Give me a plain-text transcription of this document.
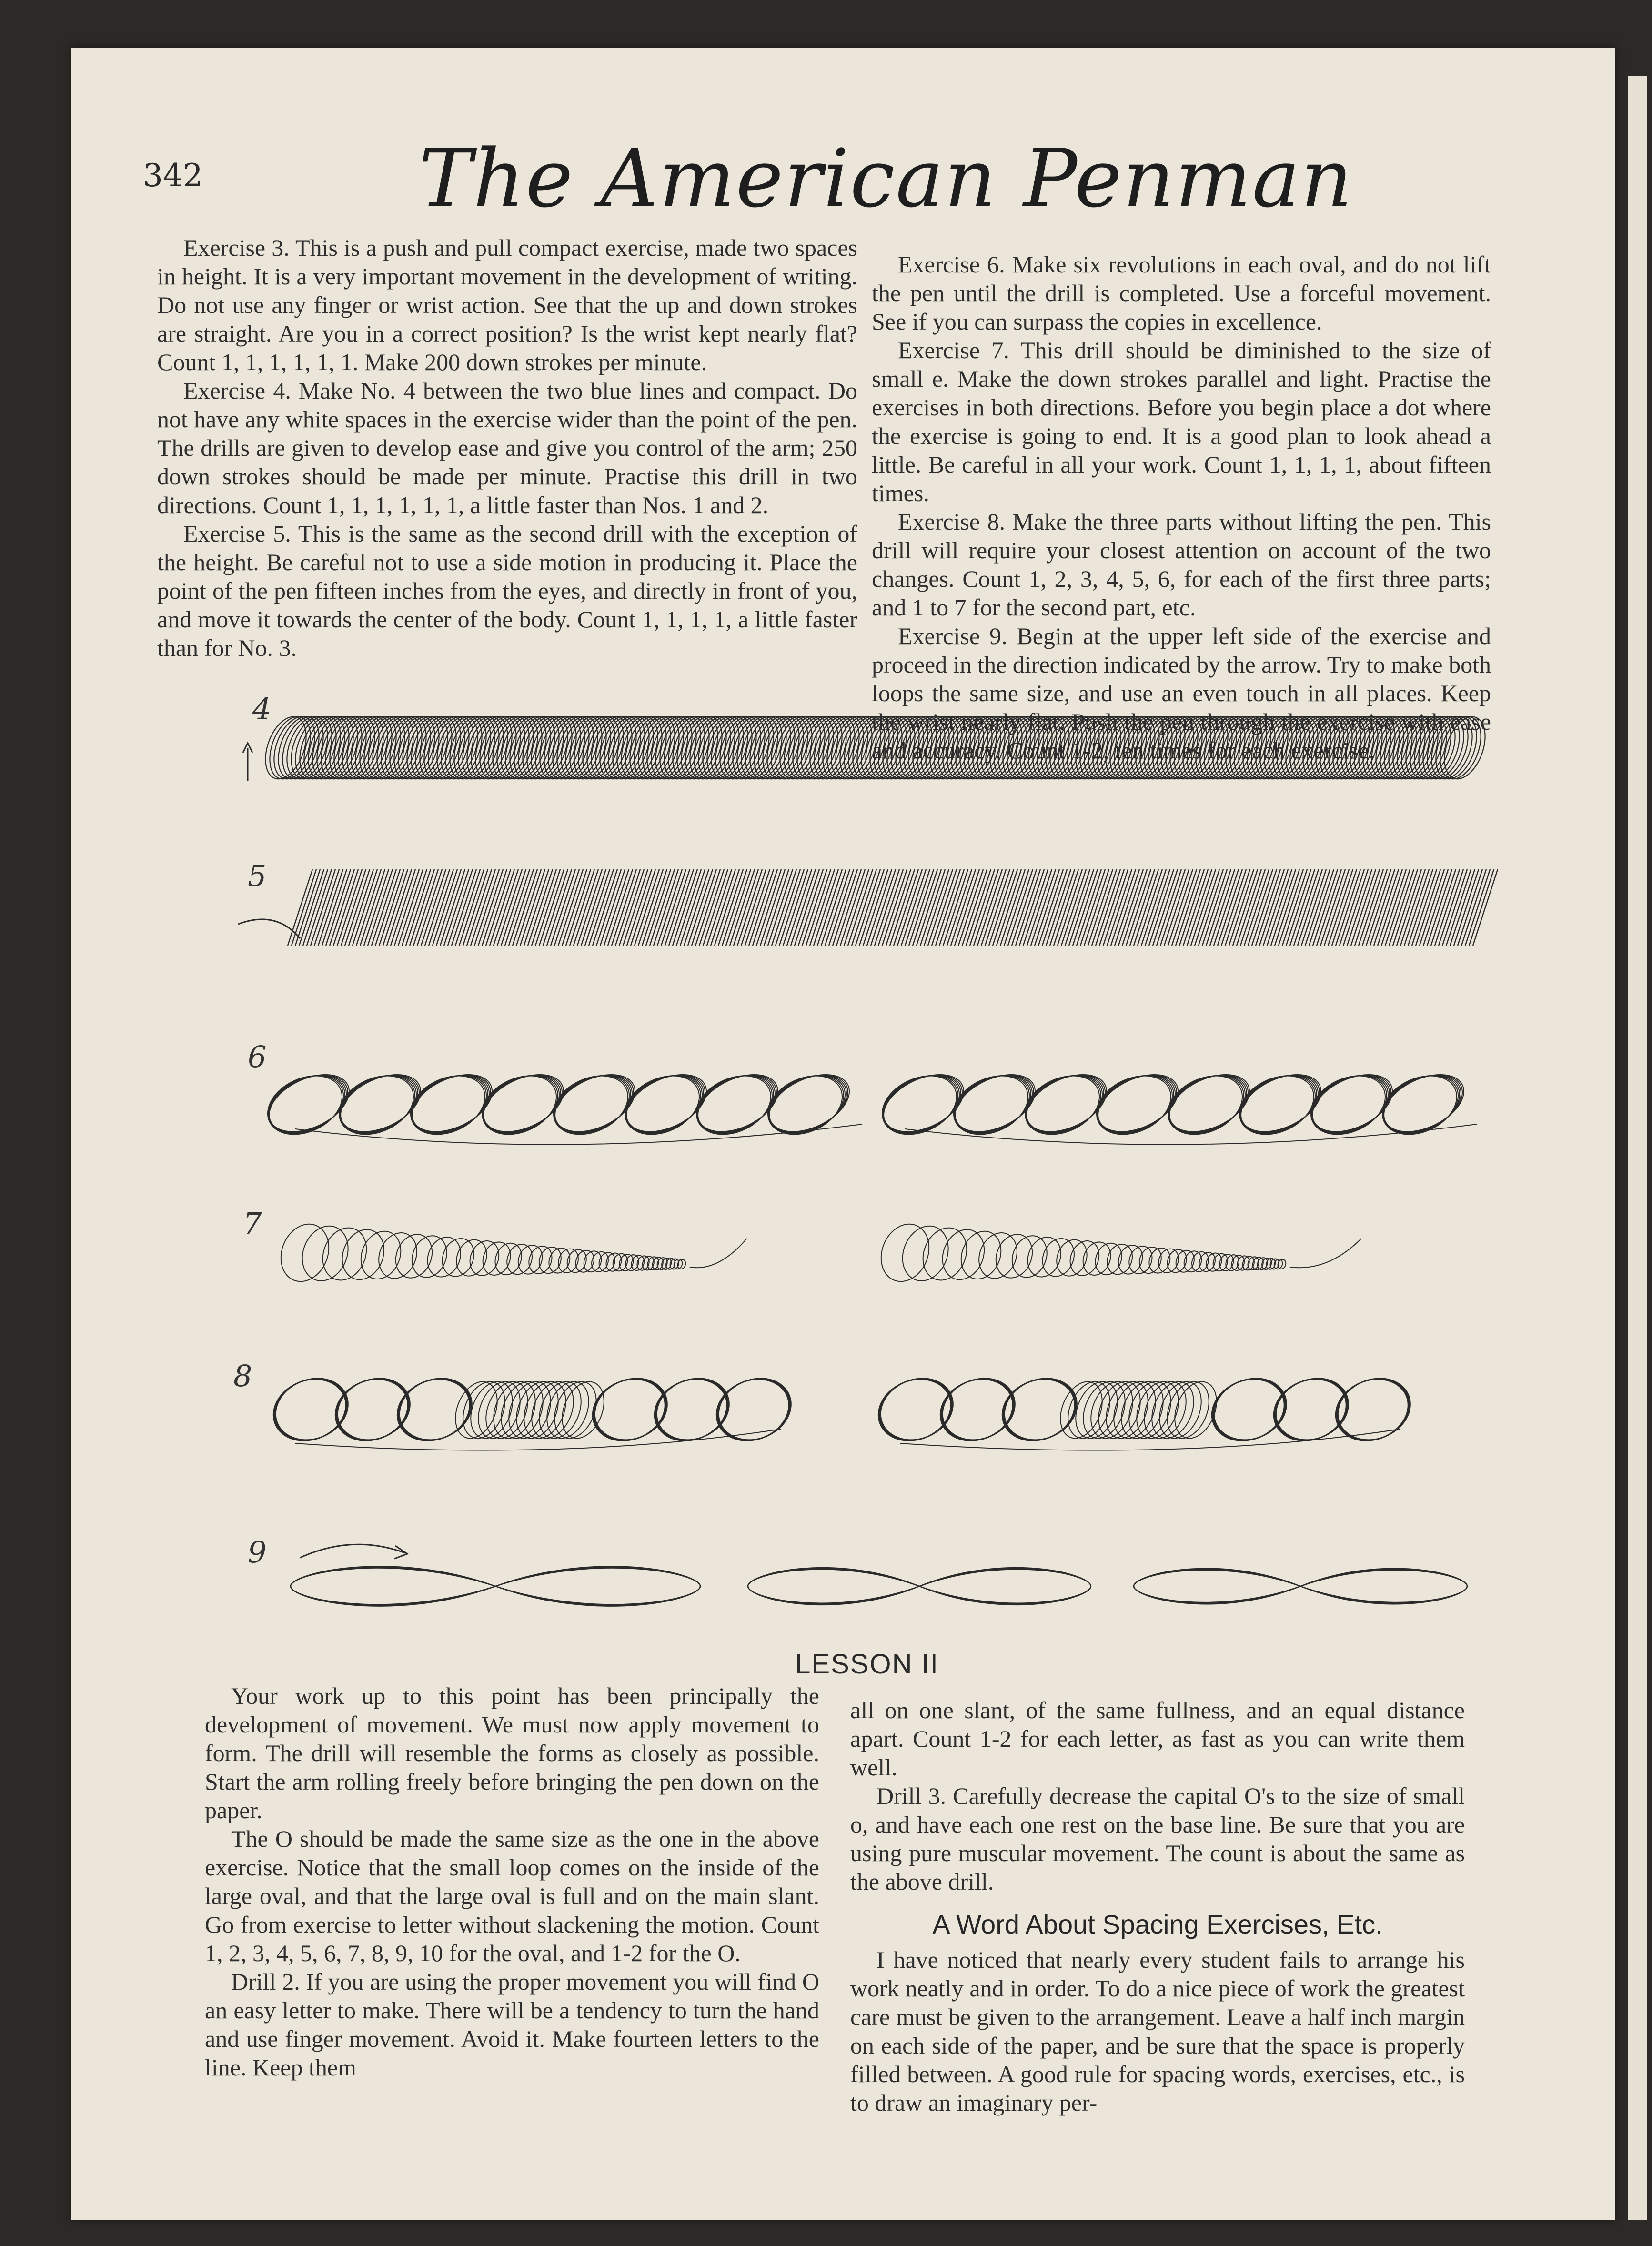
342	The American Penman

Exercise 3. This is a push and pull compact exercise, made two spaces in height. It is a very important movement in the development of writing. Do not use any finger or wrist action. See that the up and down strokes are straight. Are you in a correct position? Is the wrist kept nearly flat? Count 1, 1, 1, 1, 1, 1. Make 200 down strokes per minute.

Exercise 4. Make No. 4 between the two blue lines and compact. Do not have any white spaces in the exercise wider than the point of the pen. The drills are given to develop ease and give you control of the arm; 250 down strokes should be made per minute. Practise this drill in two directions. Count 1, 1, 1, 1, 1, 1, a little faster than Nos. 1 and 2.

Exercise 5. This is the same as the second drill with the exception of the height. Be careful not to use a side motion in producing it. Place the point of the pen fifteen inches from the eyes, and directly in front of you, and move it towards the center of the body. Count 1, 1, 1, 1, a little faster than for No. 3.

Exercise 6. Make six revolutions in each oval, and do not lift the pen until the drill is completed. Use a forceful movement. See if you can surpass the copies in excellence.

Exercise 7. This drill should be diminished to the size of small e. Make the down strokes parallel and light. Practise the exercises in both directions. Before you begin place a dot where the exercise is going to end. It is a good plan to look ahead a little. Be careful in all your work. Count 1, 1, 1, 1, about fifteen times.

Exercise 8. Make the three parts without lifting the pen. This drill will require your closest attention on account of the two changes. Count 1, 2, 3, 4, 5, 6, for each of the first three parts; and 1 to 7 for the second part, etc.

Exercise 9. Begin at the upper left side of the exercise and proceed in the direction indicated by the arrow. Try to make both loops the same size, and use an even touch in all places. Keep the wrist nearly flat. Push the pen through the exercise with ease and accuracy. Count 1-2, ten times for each exercise.

4
5
6
7
8
9
LESSON II

Your work up to this point has been principally the development of movement. We must now apply movement to form. The drill will resemble the forms as closely as possible. Start the arm rolling freely before bringing the pen down on the paper.

The O should be made the same size as the one in the above exercise. Notice that the small loop comes on the inside of the large oval, and that the large oval is full and on the main slant. Go from exercise to letter without slackening the motion. Count 1, 2, 3, 4, 5, 6, 7, 8, 9, 10 for the oval, and 1-2 for the O.

Drill 2. If you are using the proper movement you will find O an easy letter to make. There will be a tendency to turn the hand and use finger movement. Avoid it. Make fourteen letters to the line. Keep them

all on one slant, of the same fullness, and an equal distance apart. Count 1-2 for each letter, as fast as you can write them well.

Drill 3. Carefully decrease the capital O's to the size of small o, and have each one rest on the base line. Be sure that you are using pure muscular movement. The count is about the same as the above drill.

A Word About Spacing Exercises, Etc.

I have noticed that nearly every student fails to arrange his work neatly and in order. To do a nice piece of work the greatest care must be given to the arrangement. Leave a half inch margin on each side of the paper, and be sure that the space is properly filled between. A good rule for spacing words, exercises, etc., is to draw an imaginary per-
